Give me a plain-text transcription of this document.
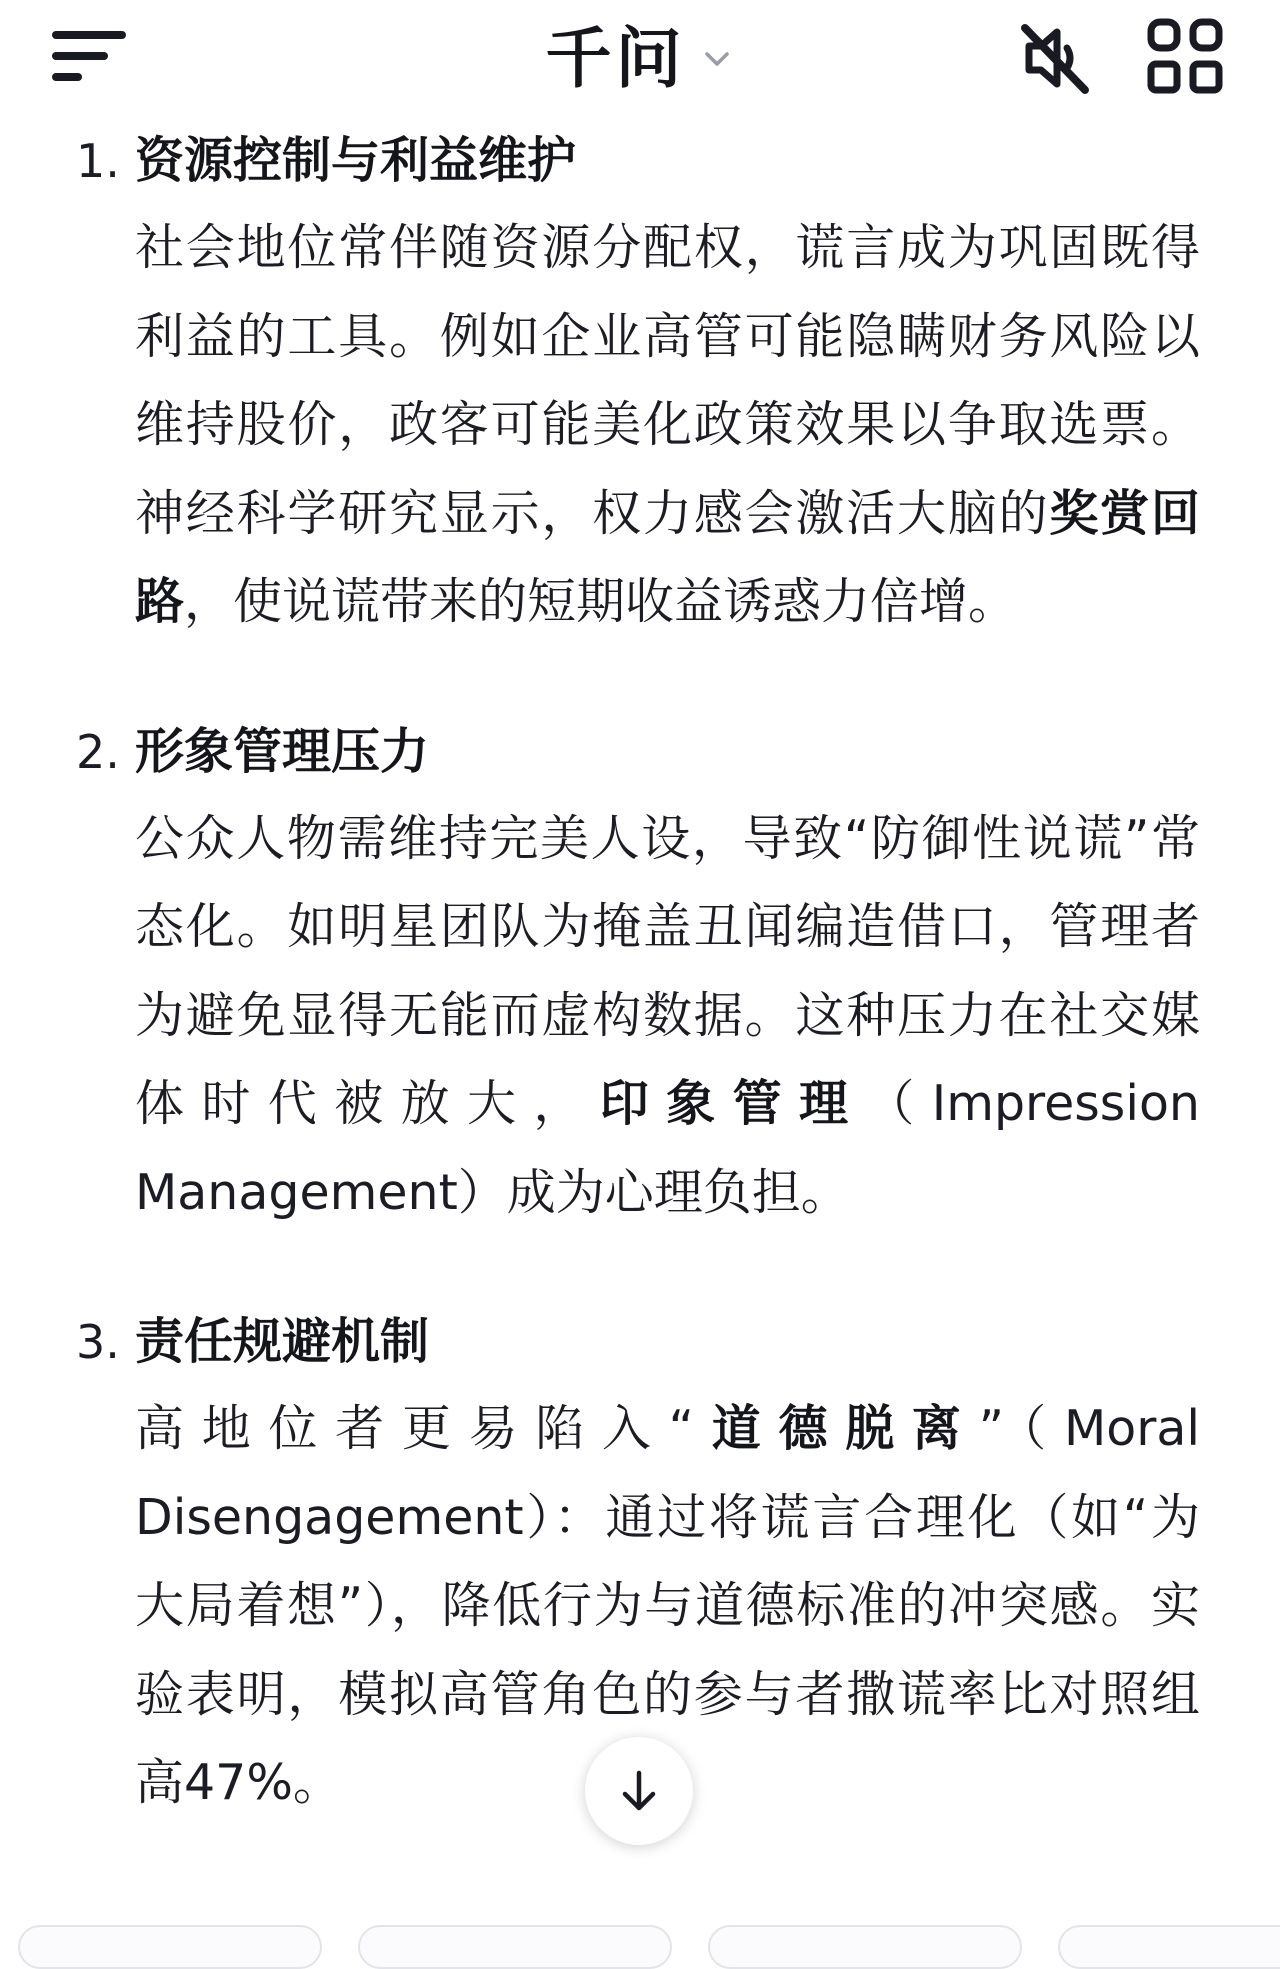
千问
1. 资源控制与利益维护
社会地位常伴随资源分配权，谎言成为巩固既得利益的工具。例如企业高管可能隐瞒财务风险以维持股价，政客可能美化政策效果以争取选票。神经科学研究显示，权力感会激活大脑的奖赏回路，使说谎带来的短期收益诱惑力倍增。
2. 形象管理压力
公众人物需维持完美人设，导致“防御性说谎”常态化。如明星团队为掩盖丑闻编造借口，管理者为避免显得无能而虚构数据。这种压力在社交媒体时代被放大，印象管理（Impression Management）成为心理负担。
3. 责任规避机制
高地位者更易陷入“道德脱离”（Moral Disengagement）：通过将谎言合理化（如“为大局着想”），降低行为与道德标准的冲突感。实验表明，模拟高管角色的参与者撒谎率比对照组高47%。
